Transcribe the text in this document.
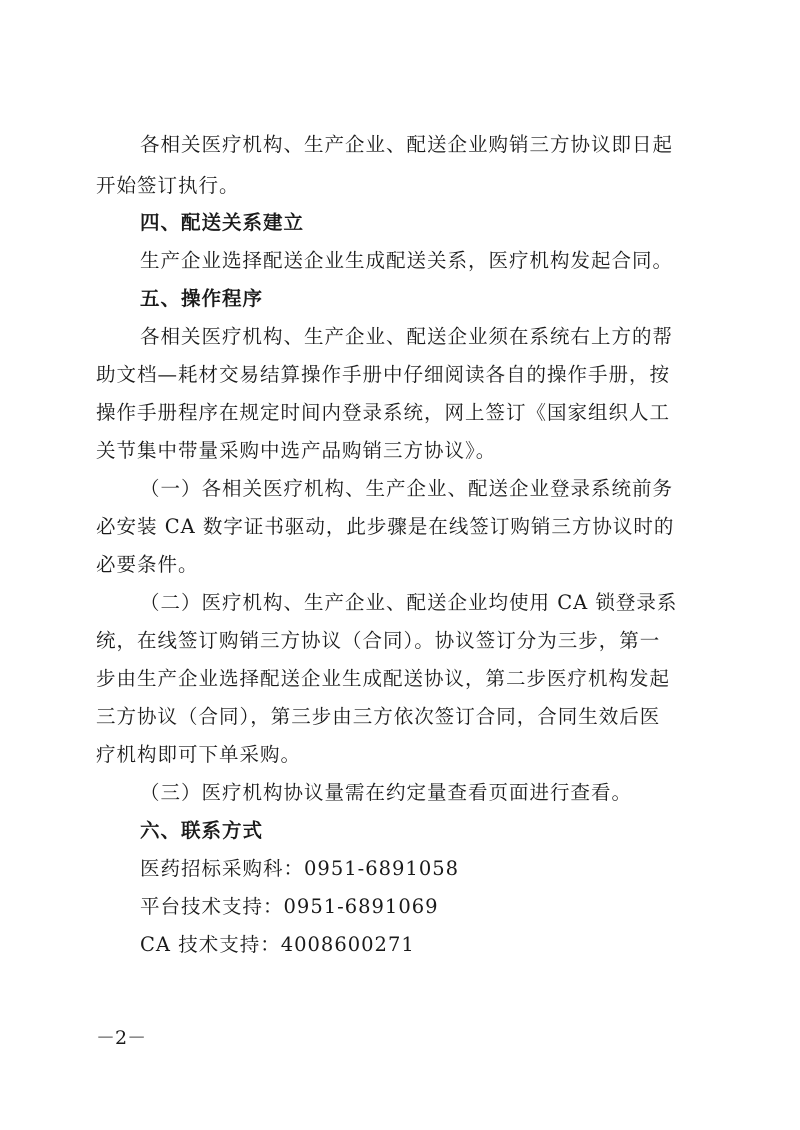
各相关医疗机构、生产企业、配送企业购销三方协议即日起
开始签订执行。
四、配送关系建立
生产企业选择配送企业生成配送关系，医疗机构发起合同。
五、操作程序
各相关医疗机构、生产企业、配送企业须在系统右上方的帮
助文档—耗材交易结算操作手册中仔细阅读各自的操作手册，按
操作手册程序在规定时间内登录系统，网上签订《国家组织人工
关节集中带量采购中选产品购销三方协议》。
（一）各相关医疗机构、生产企业、配送企业登录系统前务
必安装 CA 数字证书驱动，此步骤是在线签订购销三方协议时的
必要条件。
（二）医疗机构、生产企业、配送企业均使用 CA 锁登录系
统，在线签订购销三方协议（合同）。协议签订分为三步，第一
步由生产企业选择配送企业生成配送协议，第二步医疗机构发起
三方协议（合同），第三步由三方依次签订合同，合同生效后医
疗机构即可下单采购。
（三）医疗机构协议量需在约定量查看页面进行查看。
六、联系方式
医药招标采购科：0951-6891058
平台技术支持：0951-6891069
CA 技术支持：4008600271
－2－
